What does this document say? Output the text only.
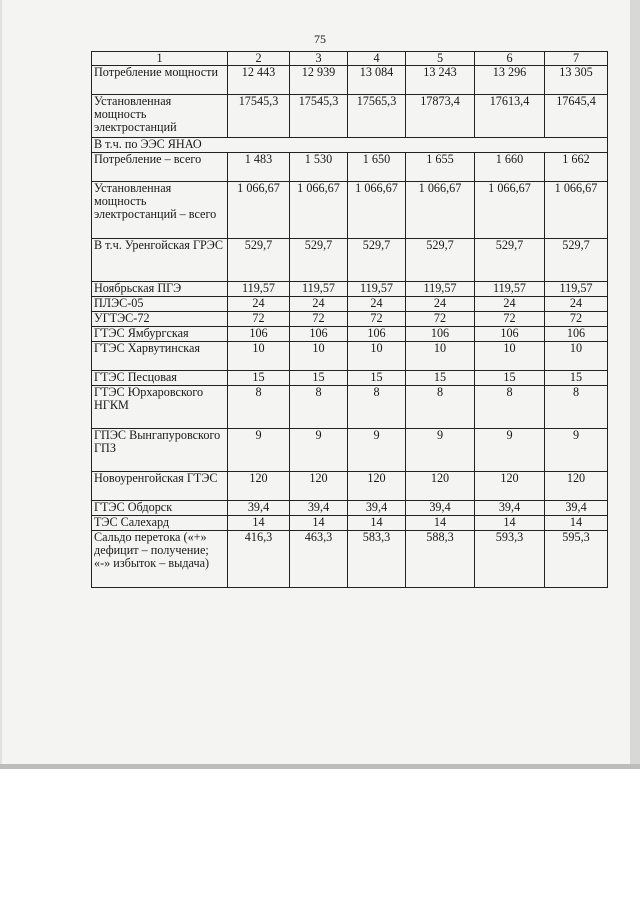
75
1	2	3	4	5	6	7
Потребление мощности	12 443	12 939	13 084	13 243	13 296	13 305
Установленная мощность электростанций	17545,3	17545,3	17565,3	17873,4	17613,4	17645,4
В т.ч. по ЭЭС ЯНАО						
Потребление – всего	1 483	1 530	1 650	1 655	1 660	1 662
Установленная мощность электростанций – всего	1 066,67	1 066,67	1 066,67	1 066,67	1 066,67	1 066,67
В т.ч. Уренгойская ГРЭС	529,7	529,7	529,7	529,7	529,7	529,7
Ноябрьская ПГЭ	119,57	119,57	119,57	119,57	119,57	119,57
ПЛЭС-05	24	24	24	24	24	24
УГТЭС-72	72	72	72	72	72	72
ГТЭС Ямбургская	106	106	106	106	106	106
ГТЭС Харвутинская	10	10	10	10	10	10
ГТЭС Песцовая	15	15	15	15	15	15
ГТЭС Юрхаровского НГКМ	8	8	8	8	8	8
ГПЭС Вынгапуровского ГПЗ	9	9	9	9	9	9
Новоуренгойская ГТЭС	120	120	120	120	120	120
ГТЭС Обдорск	39,4	39,4	39,4	39,4	39,4	39,4
ТЭС Салехард	14	14	14	14	14	14
Сальдо перетока («+» дефицит – получение; «-» избыток – выдача)	416,3	463,3	583,3	588,3	593,3	595,3
